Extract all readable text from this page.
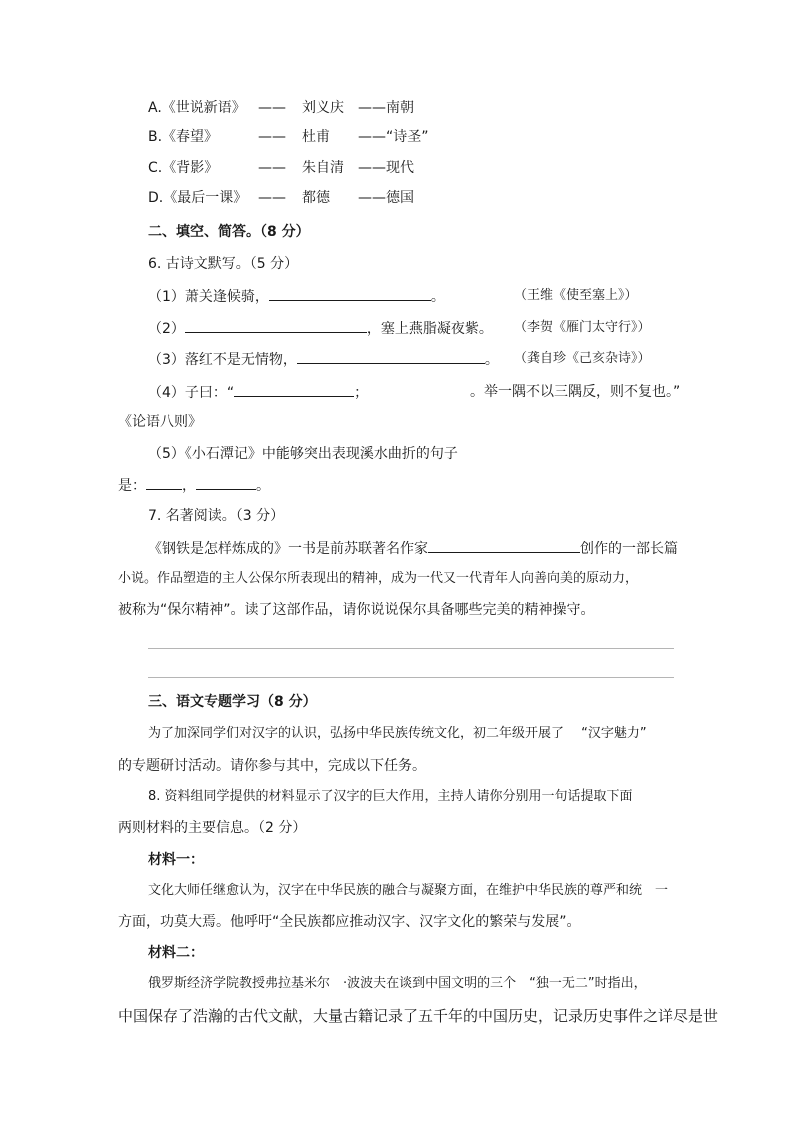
A.《世说新语》 —— 刘义庆 —— 南朝
B.《春望》	—— 杜甫 —— “诗圣”
C.《背影》	—— 朱自清 —— 现代
D.《最后一课》 —— 都德 —— 德国
二、填空、简答。（8 分）
6. 古诗文默写。（5 分）
（1）萧关逢候骑，	。	（王维《使至塞上》）
（2）	，塞上燕脂凝夜紫。 （李贺《雁门太守行》）
（3）落红不是无情物，	。 （龚自珍《己亥杂诗》）
（4）子曰：“	；	。举一隅不以三隅反，则不复也。”
《论语八则》
（5）《小石潭记》中能够突出表现溪水曲折的句子
是：	，	。
7. 名著阅读。（3 分）
《钢铁是怎样炼成的》一书是前苏联著名作家	创作的一部长篇
小说。作品塑造的主人公保尔所表现出的精神，成为一代又一代青年人向善向美的原动力，
被称为“保尔精神”。读了这部作品，请你说说保尔具备哪些完美的精神操守。
三、语文专题学习（8 分）
为了加深同学们对汉字的认识，弘扬中华民族传统文化，初二年级开展了　 “汉字魅力”
的专题研讨活动。请你参与其中，完成以下任务。
8. 资料组同学提供的材料显示了汉字的巨大作用，主持人请你分别用一句话提取下面
两则材料的主要信息。（2 分）
材料一：
文化大师任继愈认为，汉字在中华民族的融合与凝聚方面，在维护中华民族的尊严和统　一
方面，功莫大焉。他呼吁“全民族都应推动汉字、汉字文化的繁荣与发展”。
材料二：
俄罗斯经济学院教授弗拉基米尔　·波波夫在谈到中国文明的三个　“独一无二”时指出，
中国保存了浩瀚的古代文献，大量古籍记录了五千年的中国历史，记录历史事件之详尽是世
